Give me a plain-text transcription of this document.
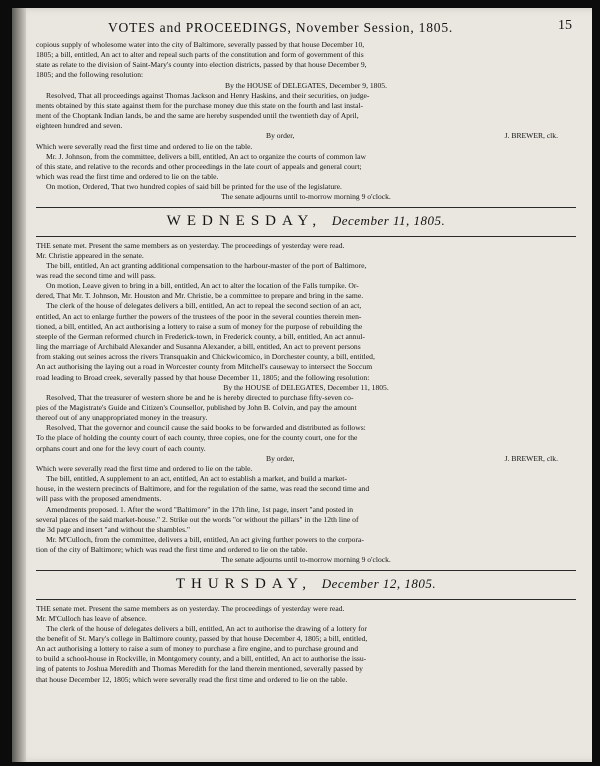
VOTES and PROCEEDINGS, November Session, 1805.	15

copious supply of wholesome water into the city of Baltimore, severally passed by that house December 10,

1805; a bill, entitled, An act to alter and repeal such parts of the constitution and form of government of this

state as relate to the division of Saint-Mary's county into election districts, passed by that house December 9,

1805; and the following resolution:

By the HOUSE of DELEGATES, December 9, 1805.

Resolved, That all proceedings against Thomas Jackson and Henry Haskins, and their securities, on judge-

ments obtained by this state against them for the purchase money due this state on the fourth and last instal-

ment of the Choptank Indian lands, be and the same are hereby suspended until the twentieth day of April,

eighteen hundred and seven.

By order,	J. BREWER, clk.

Which were severally read the first time and ordered to lie on the table.

Mr. J. Johnson, from the committee, delivers a bill, entitled, An act to organize the courts of common law

of this state, and relative to the records and other proceedings in the late court of appeals and general court;

which was read the first time and ordered to lie on the table.

On motion, Ordered, That two hundred copies of said bill be printed for the use of the legislature.

The senate adjourns until to-morrow morning 9 o'clock.

WEDNESDAY, December 11, 1805.

THE senate met. Present the same members as on yesterday. The proceedings of yesterday were read.

Mr. Christie appeared in the senate.

The bill, entitled, An act granting additional compensation to the harbour-master of the port of Baltimore,

was read the second time and will pass.

On motion, Leave given to bring in a bill, entitled, An act to alter the location of the Falls turnpike. Or-

dered, That Mr. T. Johnson, Mr. Houston and Mr. Christie, be a committee to prepare and bring in the same.

The clerk of the house of delegates delivers a bill, entitled, An act to repeal the second section of an act,

entitled, An act to enlarge further the powers of the trustees of the poor in the several counties therein men-

tioned, a bill, entitled, An act authorising a lottery to raise a sum of money for the purpose of rebuilding the

steeple of the German reformed church in Frederick-town, in Frederick county, a bill, entitled, An act annul-

ling the marriage of Archibald Alexander and Susanna Alexander, a bill, entitled, An act to prevent persons

from staking out seines across the rivers Transquakin and Chickwicomico, in Dorchester county, a bill, entitled,

An act authorising the laying out a road in Worcester county from Mitchell's causeway to intersect the Soccum

road leading to Broad creek, severally passed by that house December 11, 1805; and the following resolution:

By the HOUSE of DELEGATES, December 11, 1805.

Resolved, That the treasurer of western shore be and he is hereby directed to purchase fifty-seven co-

pies of the Magistrate's Guide and Citizen's Counsellor, published by John B. Colvin, and pay the amount

thereof out of any unappropriated money in the treasury.

Resolved, That the governor and council cause the said books to be forwarded and distributed as follows:

To the place of holding the county court of each county, three copies, one for the county court, one for the

orphans court and one for the levy court of each county.

By order,	J. BREWER, clk.

Which were severally read the first time and ordered to lie on the table.

The bill, entitled, A supplement to an act, entitled, An act to establish a market, and build a market-

house, in the western precincts of Baltimore, and for the regulation of the same, was read the second time and

will pass with the proposed amendments.

Amendments proposed. 1. After the word "Baltimore" in the 17th line, 1st page, insert "and posted in

several places of the said market-house." 2. Strike out the words "or without the pillars" in the 12th line of

the 3d page and insert "and without the shambles."

Mr. M'Culloch, from the committee, delivers a bill, entitled, An act giving further powers to the corpora-

tion of the city of Baltimore; which was read the first time and ordered to lie on the table.

The senate adjourns until to-morrow morning 9 o'clock.

THURSDAY, December 12, 1805.

THE senate met. Present the same members as on yesterday. The proceedings of yesterday were read.

Mr. M'Culloch has leave of absence.

The clerk of the house of delegates delivers a bill, entitled, An act to authorise the drawing of a lottery for

the benefit of St. Mary's college in Baltimore county, passed by that house December 4, 1805; a bill, entitled,

An act authorising a lottery to raise a sum of money to purchase a fire engine, and to purchase ground and

to build a school-house in Rockville, in Montgomery county, and a bill, entitled, An act to authorise the issu-

ing of patents to Joshua Meredith and Thomas Meredith for the land therein mentioned, severally passed by

that house December 12, 1805; which were severally read the first time and ordered to lie on the table.
